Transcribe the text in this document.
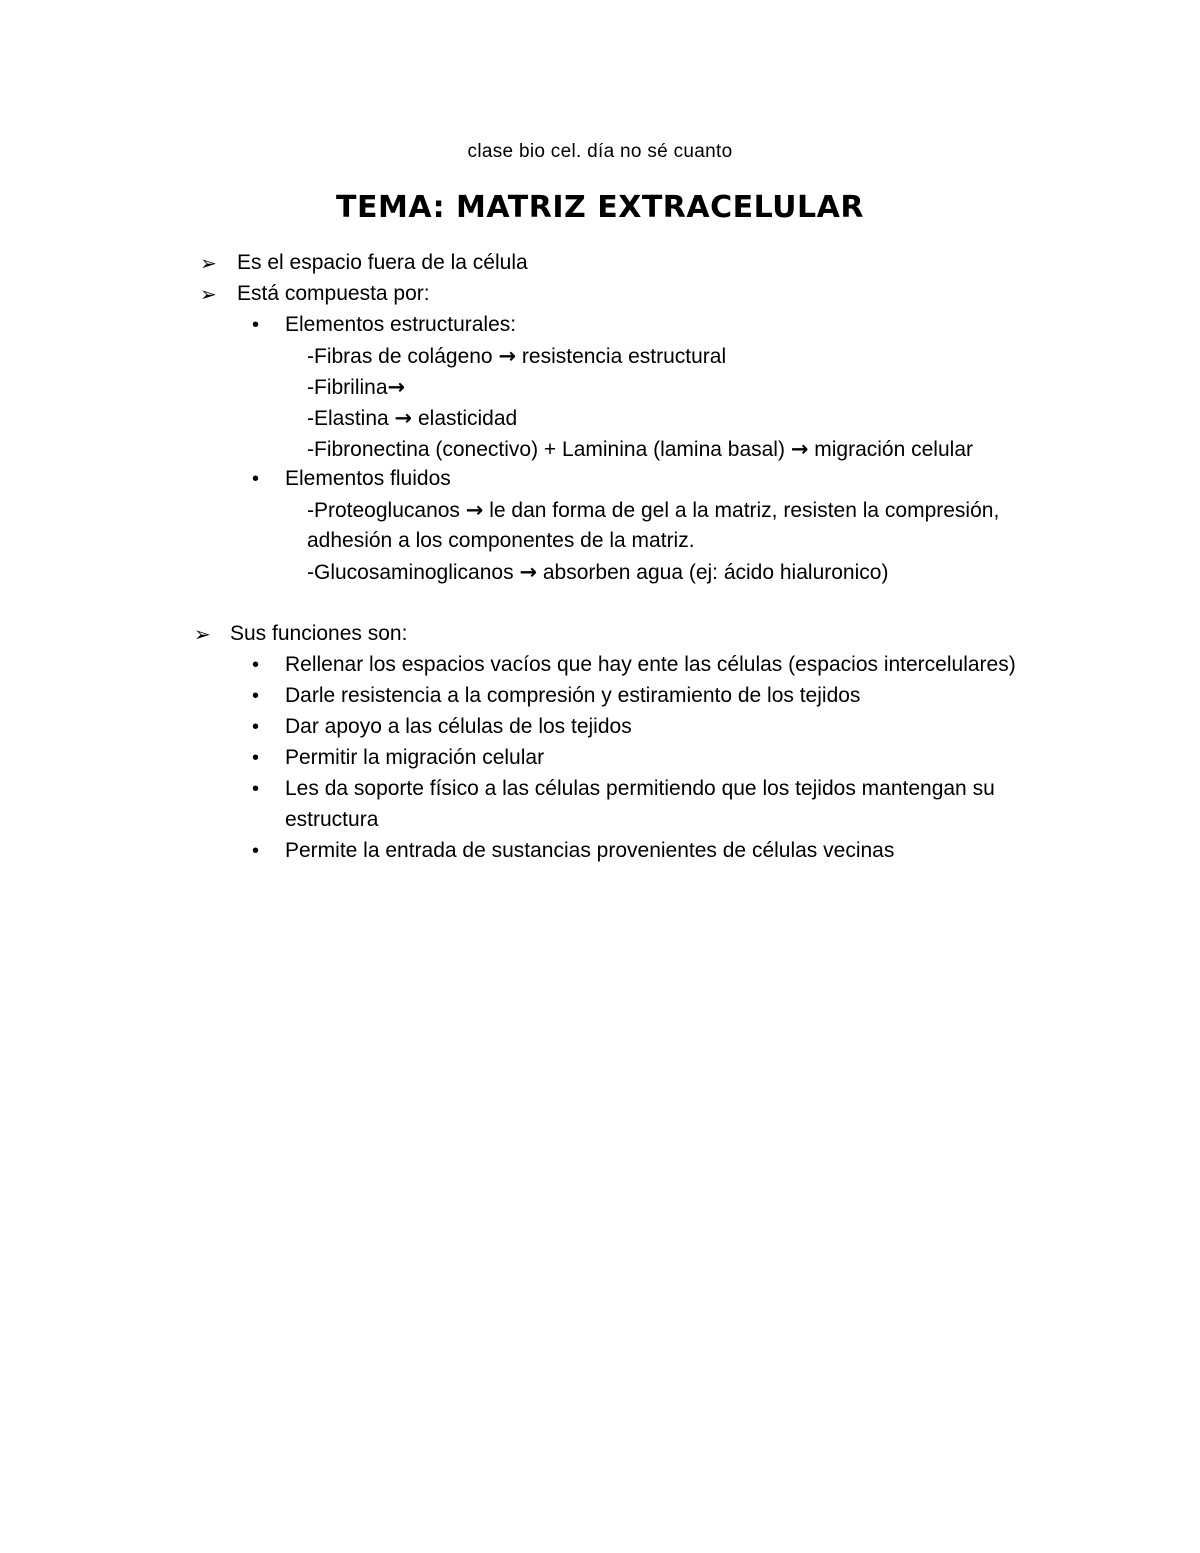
clase bio cel. día no sé cuanto
TEMA: MATRIZ EXTRACELULAR
➢ Es el espacio fuera de la célula
➢ Está compuesta por:
• Elementos estructurales:
-Fibras de colágeno → resistencia estructural
-Fibrilina→
-Elastina → elasticidad
-Fibronectina (conectivo) + Laminina (lamina basal) → migración celular
• Elementos fluidos
-Proteoglucanos → le dan forma de gel a la matriz, resisten la compresión,
adhesión a los componentes de la matriz.
-Glucosaminoglicanos → absorben agua (ej: ácido hialuronico)
➢ Sus funciones son:
• Rellenar los espacios vacíos que hay ente las células (espacios intercelulares)
• Darle resistencia a la compresión y estiramiento de los tejidos
• Dar apoyo a las células de los tejidos
• Permitir la migración celular
• Les da soporte físico a las células permitiendo que los tejidos mantengan su
estructura
• Permite la entrada de sustancias provenientes de células vecinas
